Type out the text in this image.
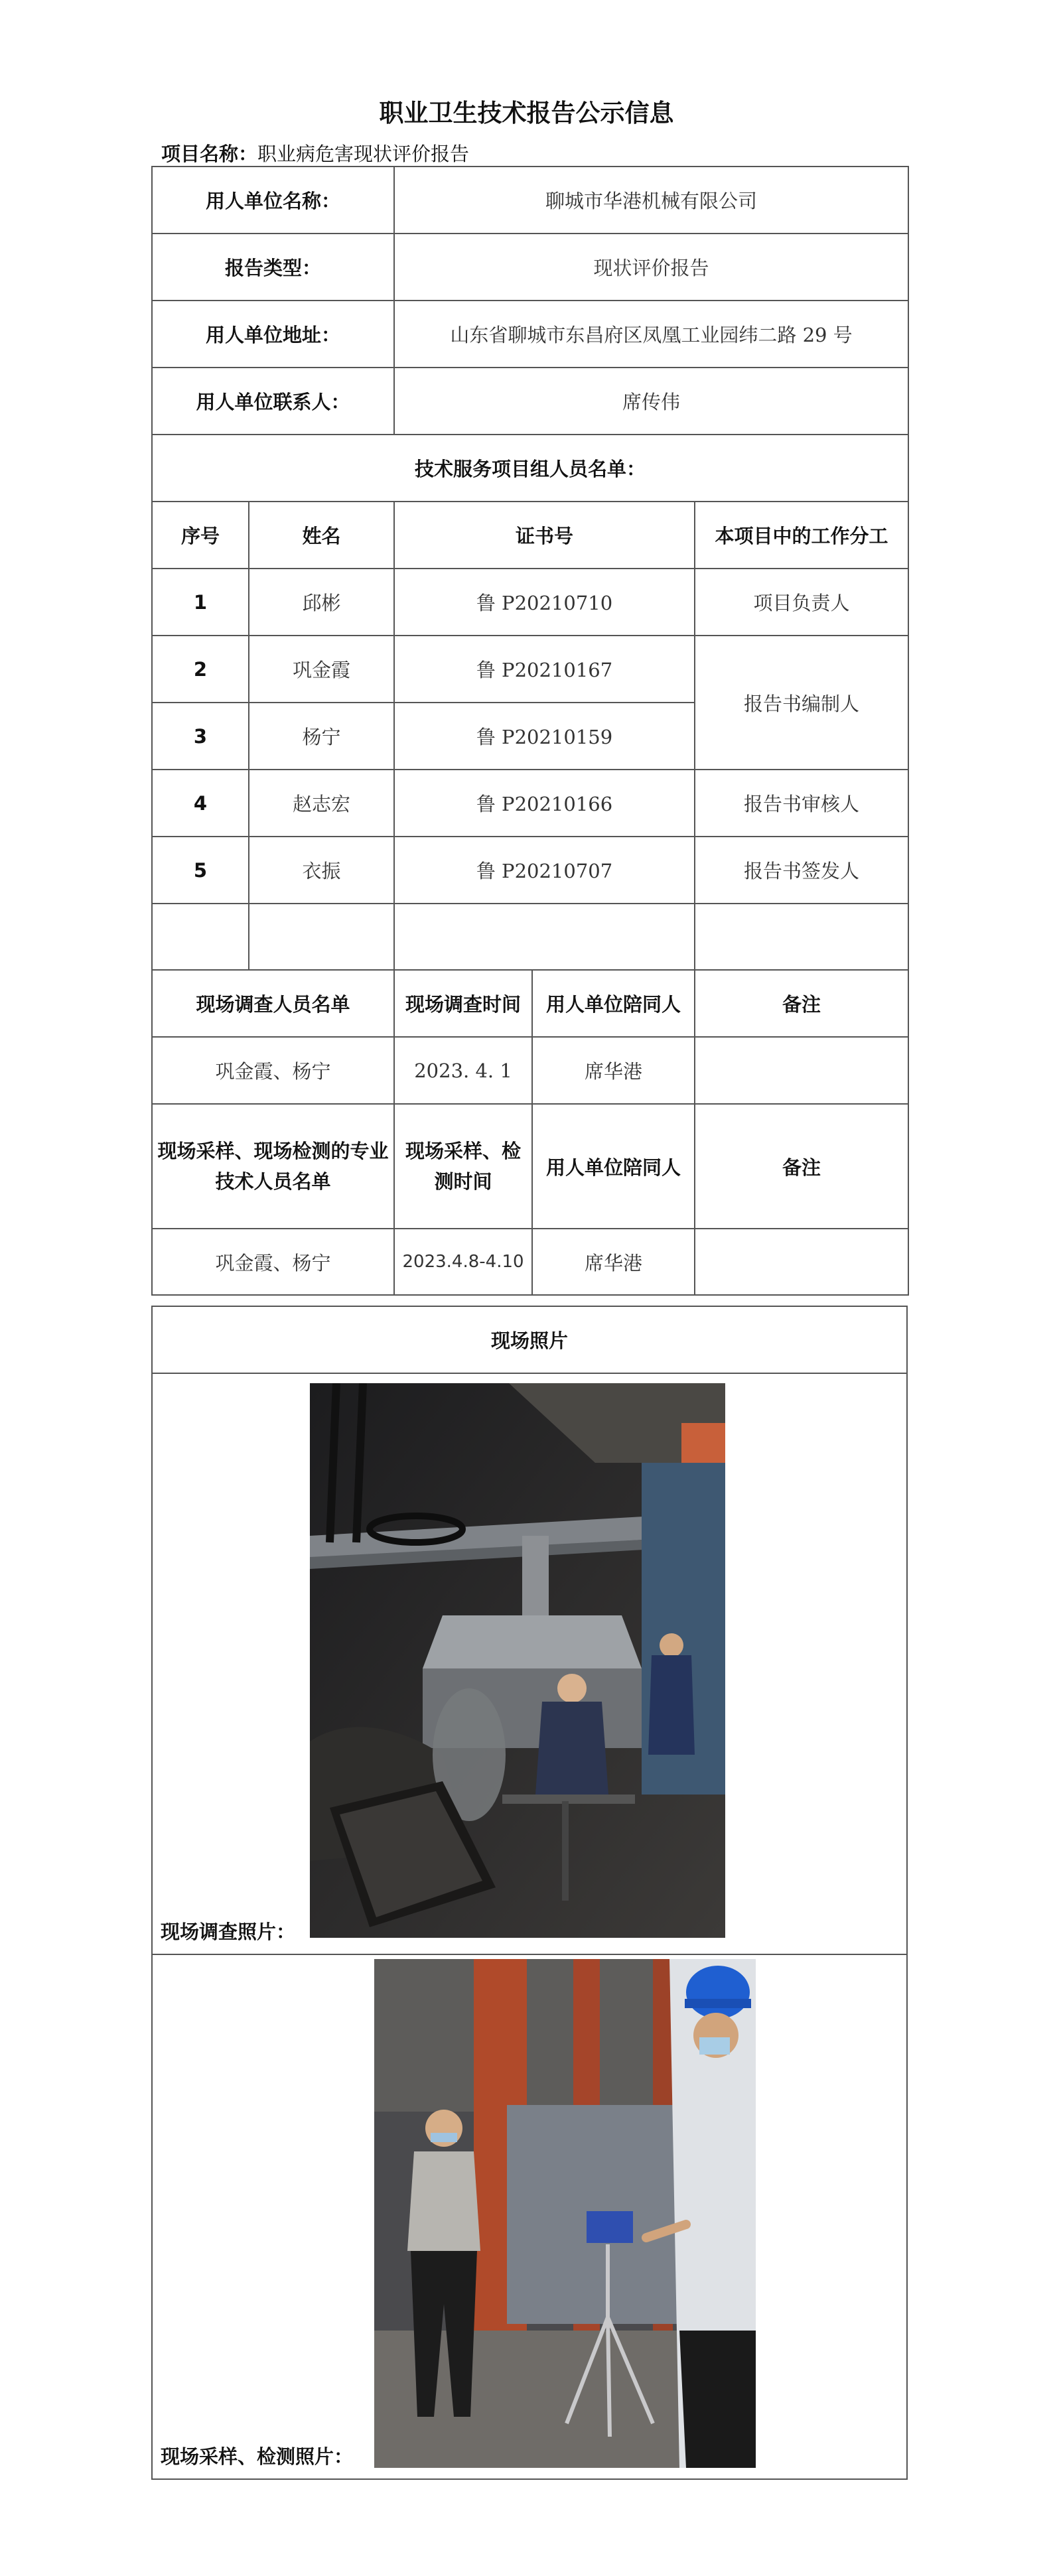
职业卫生技术报告公示信息
项目名称：职业病危害现状评价报告
用人单位名称：		聊城市华港机械有限公司		
报告类型：		现状评价报告		
用人单位地址：		山东省聊城市东昌府区凤凰工业园纬二路 29 号		
用人单位联系人：		席传伟		
技术服务项目组人员名单：				
序号	姓名	证书号		本项目中的工作分工
1	邱彬	鲁 P20210710		项目负责人
2	巩金霞	鲁 P20210167		报告书编制人
3	杨宁	鲁 P20210159		
4	赵志宏	鲁 P20210166		报告书审核人
5	衣振	鲁 P20210707		报告书签发人

现场调查人员名单		现场调查时间	用人单位陪同人	备注
巩金霞、杨宁		2023. 4. 1	席华港	
现场采样、现场检测的专业技术人员名单		现场采样、检测时间	用人单位陪同人	备注
巩金霞、杨宁		2023.4.8-4.10	席华港	
现场照片

现场调查照片：

现场采样、检测照片：
